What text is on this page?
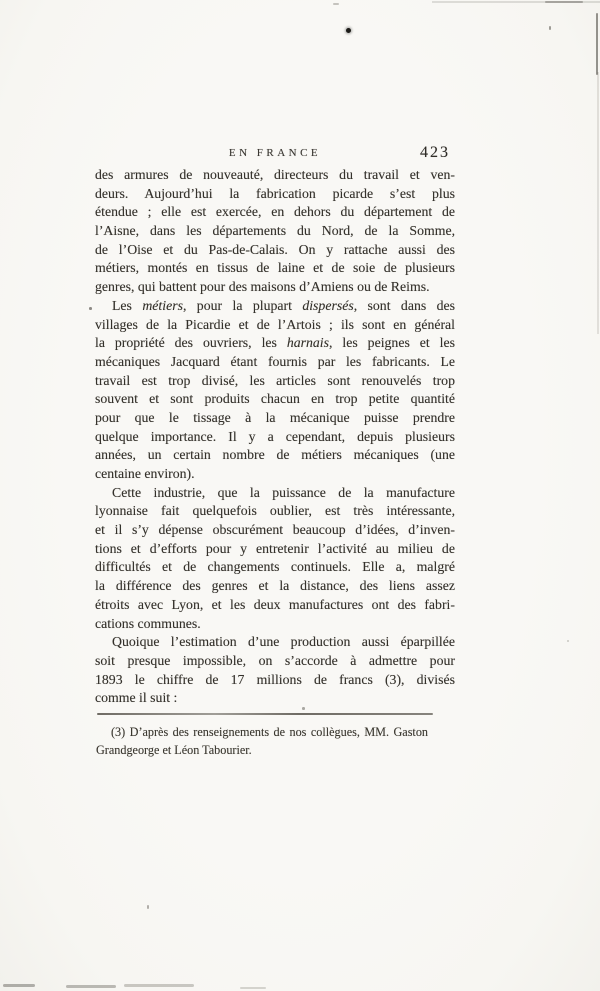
EN FRANCE	423

des armures de nouveauté, directeurs du travail et ven-
deurs. Aujourd’hui la fabrication picarde s’est plus
étendue ; elle est exercée, en dehors du département de
l’Aisne, dans les départements du Nord, de la Somme,
de l’Oise et du Pas-de-Calais. On y rattache aussi des
métiers, montés en tissus de laine et de soie de plusieurs
genres, qui battent pour des maisons d’Amiens ou de Reims.

Les métiers, pour la plupart dispersés, sont dans des
villages de la Picardie et de l’Artois ; ils sont en général
la propriété des ouvriers, les harnais, les peignes et les
mécaniques Jacquard étant fournis par les fabricants. Le
travail est trop divisé, les articles sont renouvelés trop
souvent et sont produits chacun en trop petite quantité
pour que le tissage à la mécanique puisse prendre
quelque importance. Il y a cependant, depuis plusieurs
années, un certain nombre de métiers mécaniques (une
centaine environ).

Cette industrie, que la puissance de la manufacture
lyonnaise fait quelquefois oublier, est très intéressante,
et il s’y dépense obscurément beaucoup d’idées, d’inven-
tions et d’efforts pour y entretenir l’activité au milieu de
difficultés et de changements continuels. Elle a, malgré
la différence des genres et la distance, des liens assez
étroits avec Lyon, et les deux manufactures ont des fabri-
cations communes.

Quoique l’estimation d’une production aussi éparpillée
soit presque impossible, on s’accorde à admettre pour
1893 le chiffre de 17 millions de francs (3), divisés
comme il suit :

(3) D’après des renseignements de nos collègues, MM. Gaston
Grandgeorge et Léon Tabourier.
